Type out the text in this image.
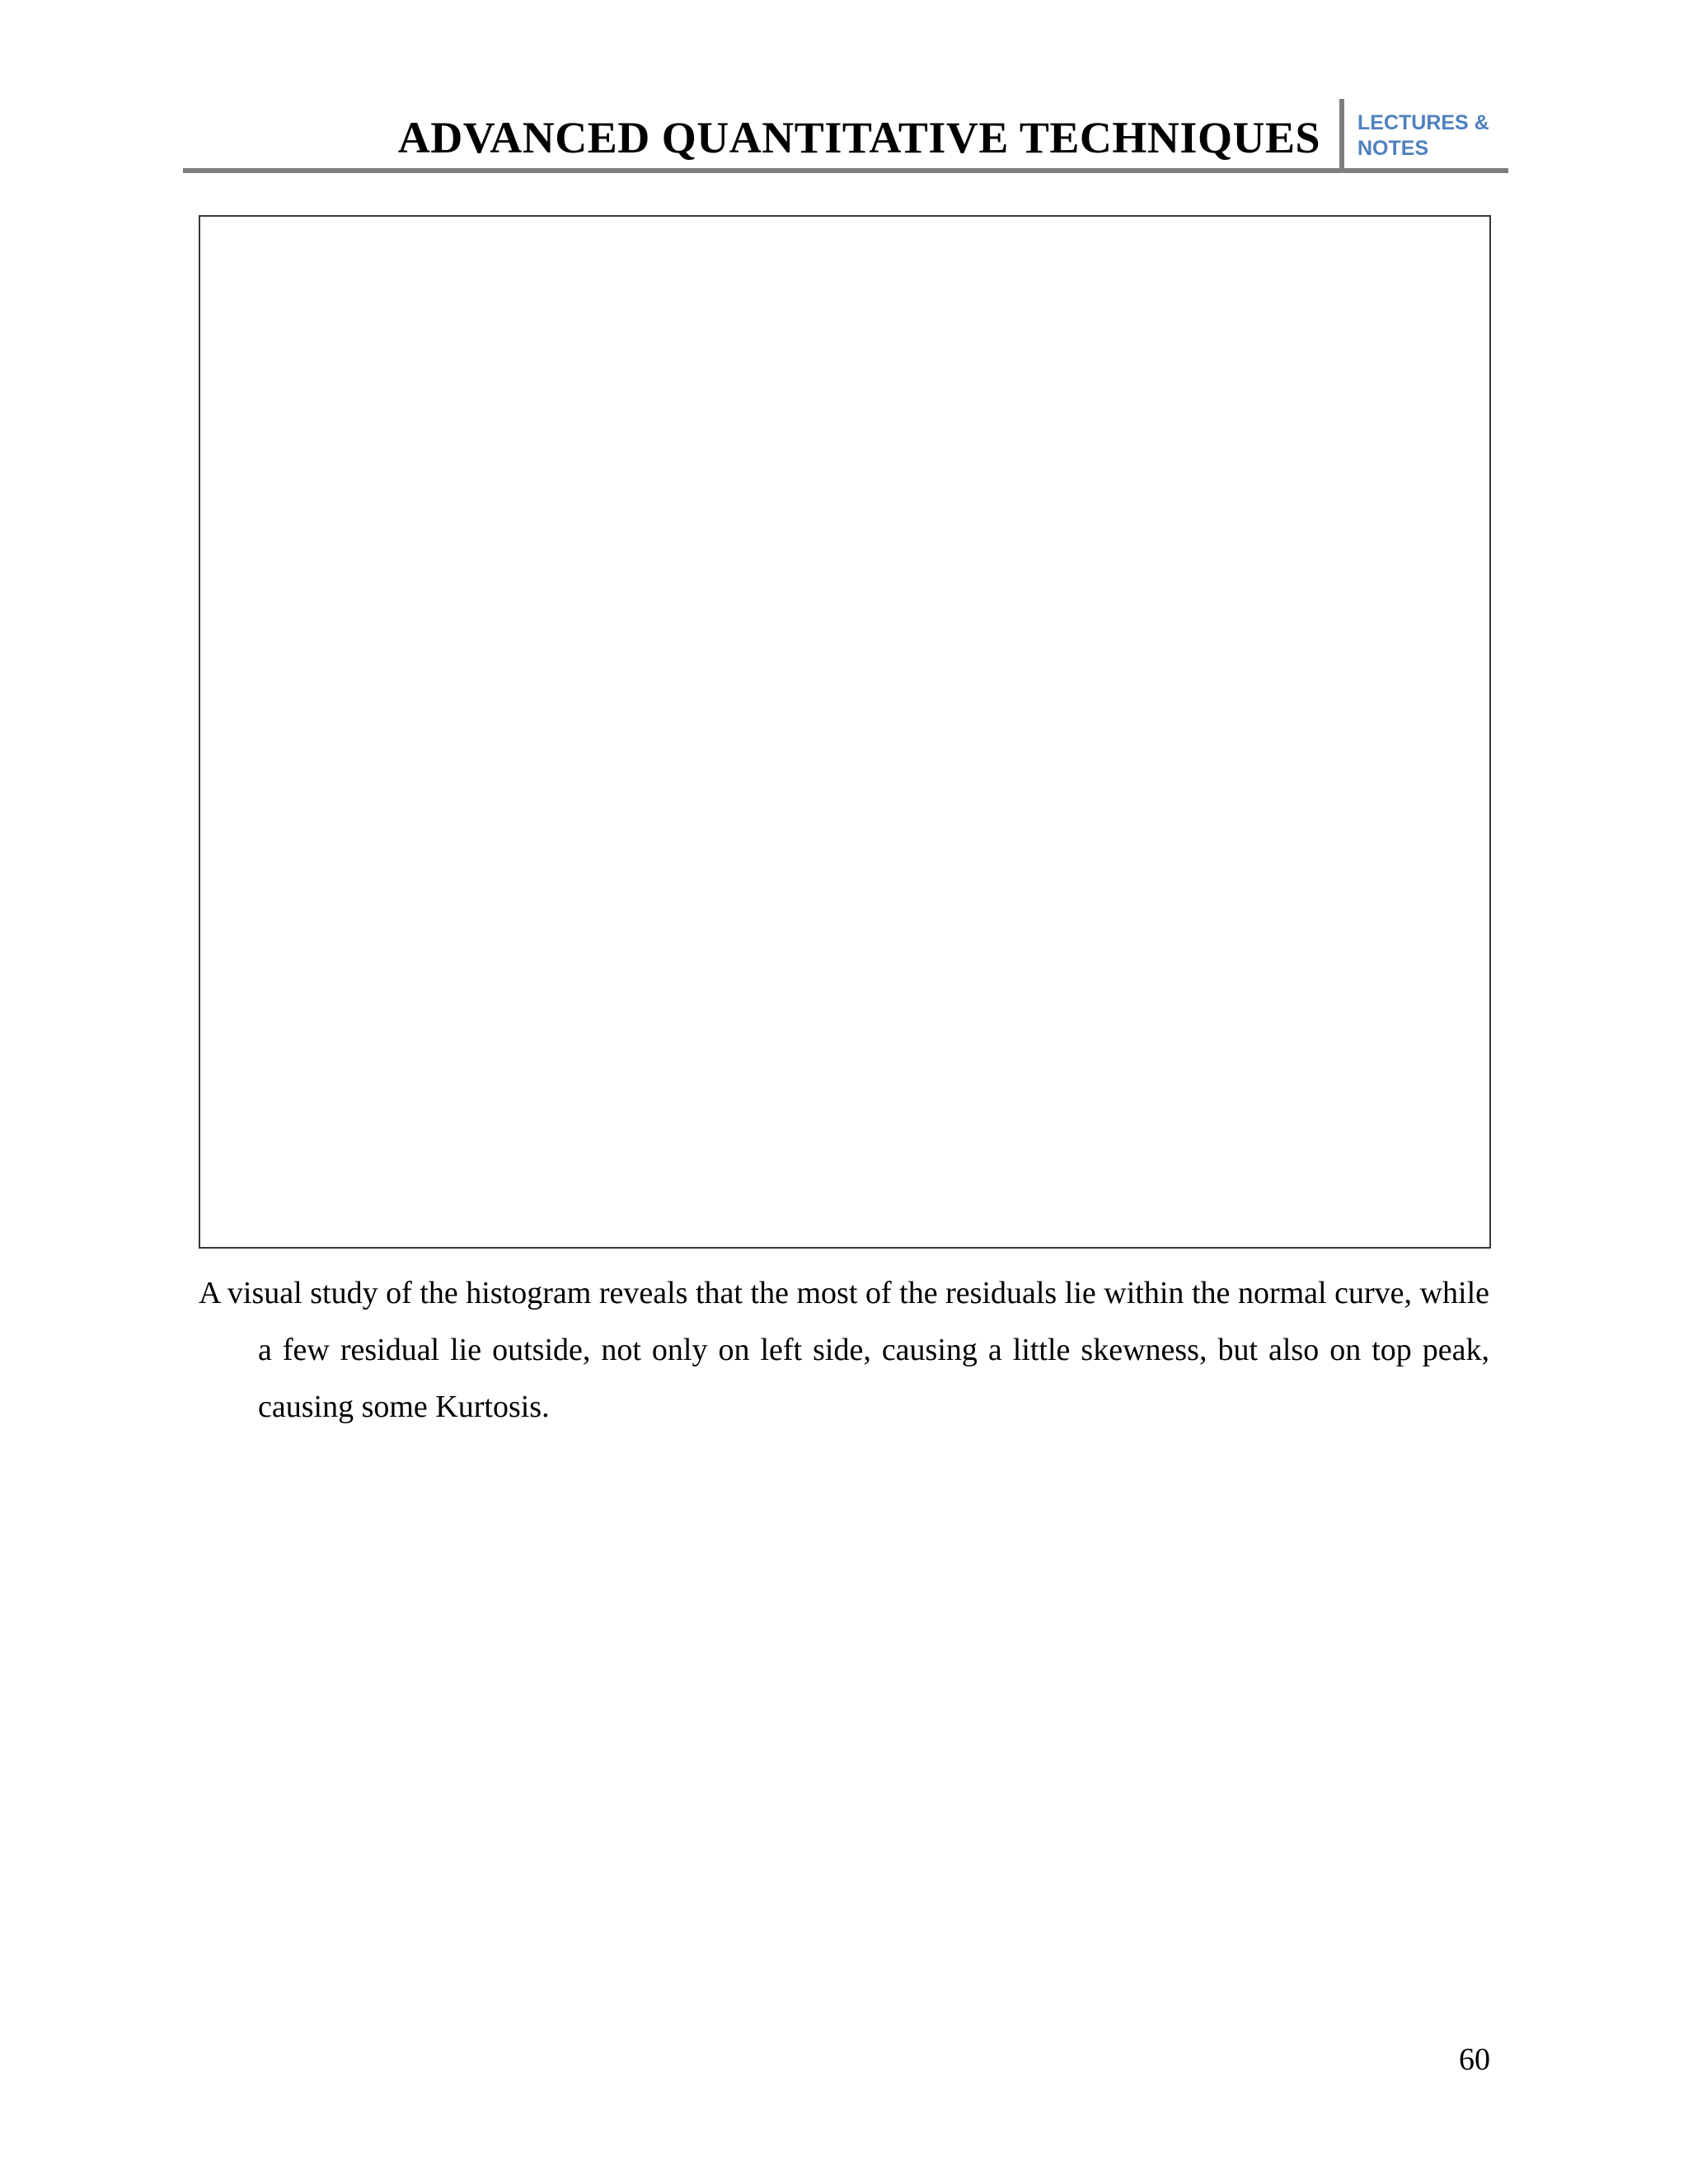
ADVANCED QUANTITATIVE TECHNIQUES LECTURES & NOTES

A visual study of the histogram reveals that the most of the residuals lie within the normal curve, while a few residual lie outside, not only on left side, causing a little skewness, but also on top peak, causing some Kurtosis.

60
